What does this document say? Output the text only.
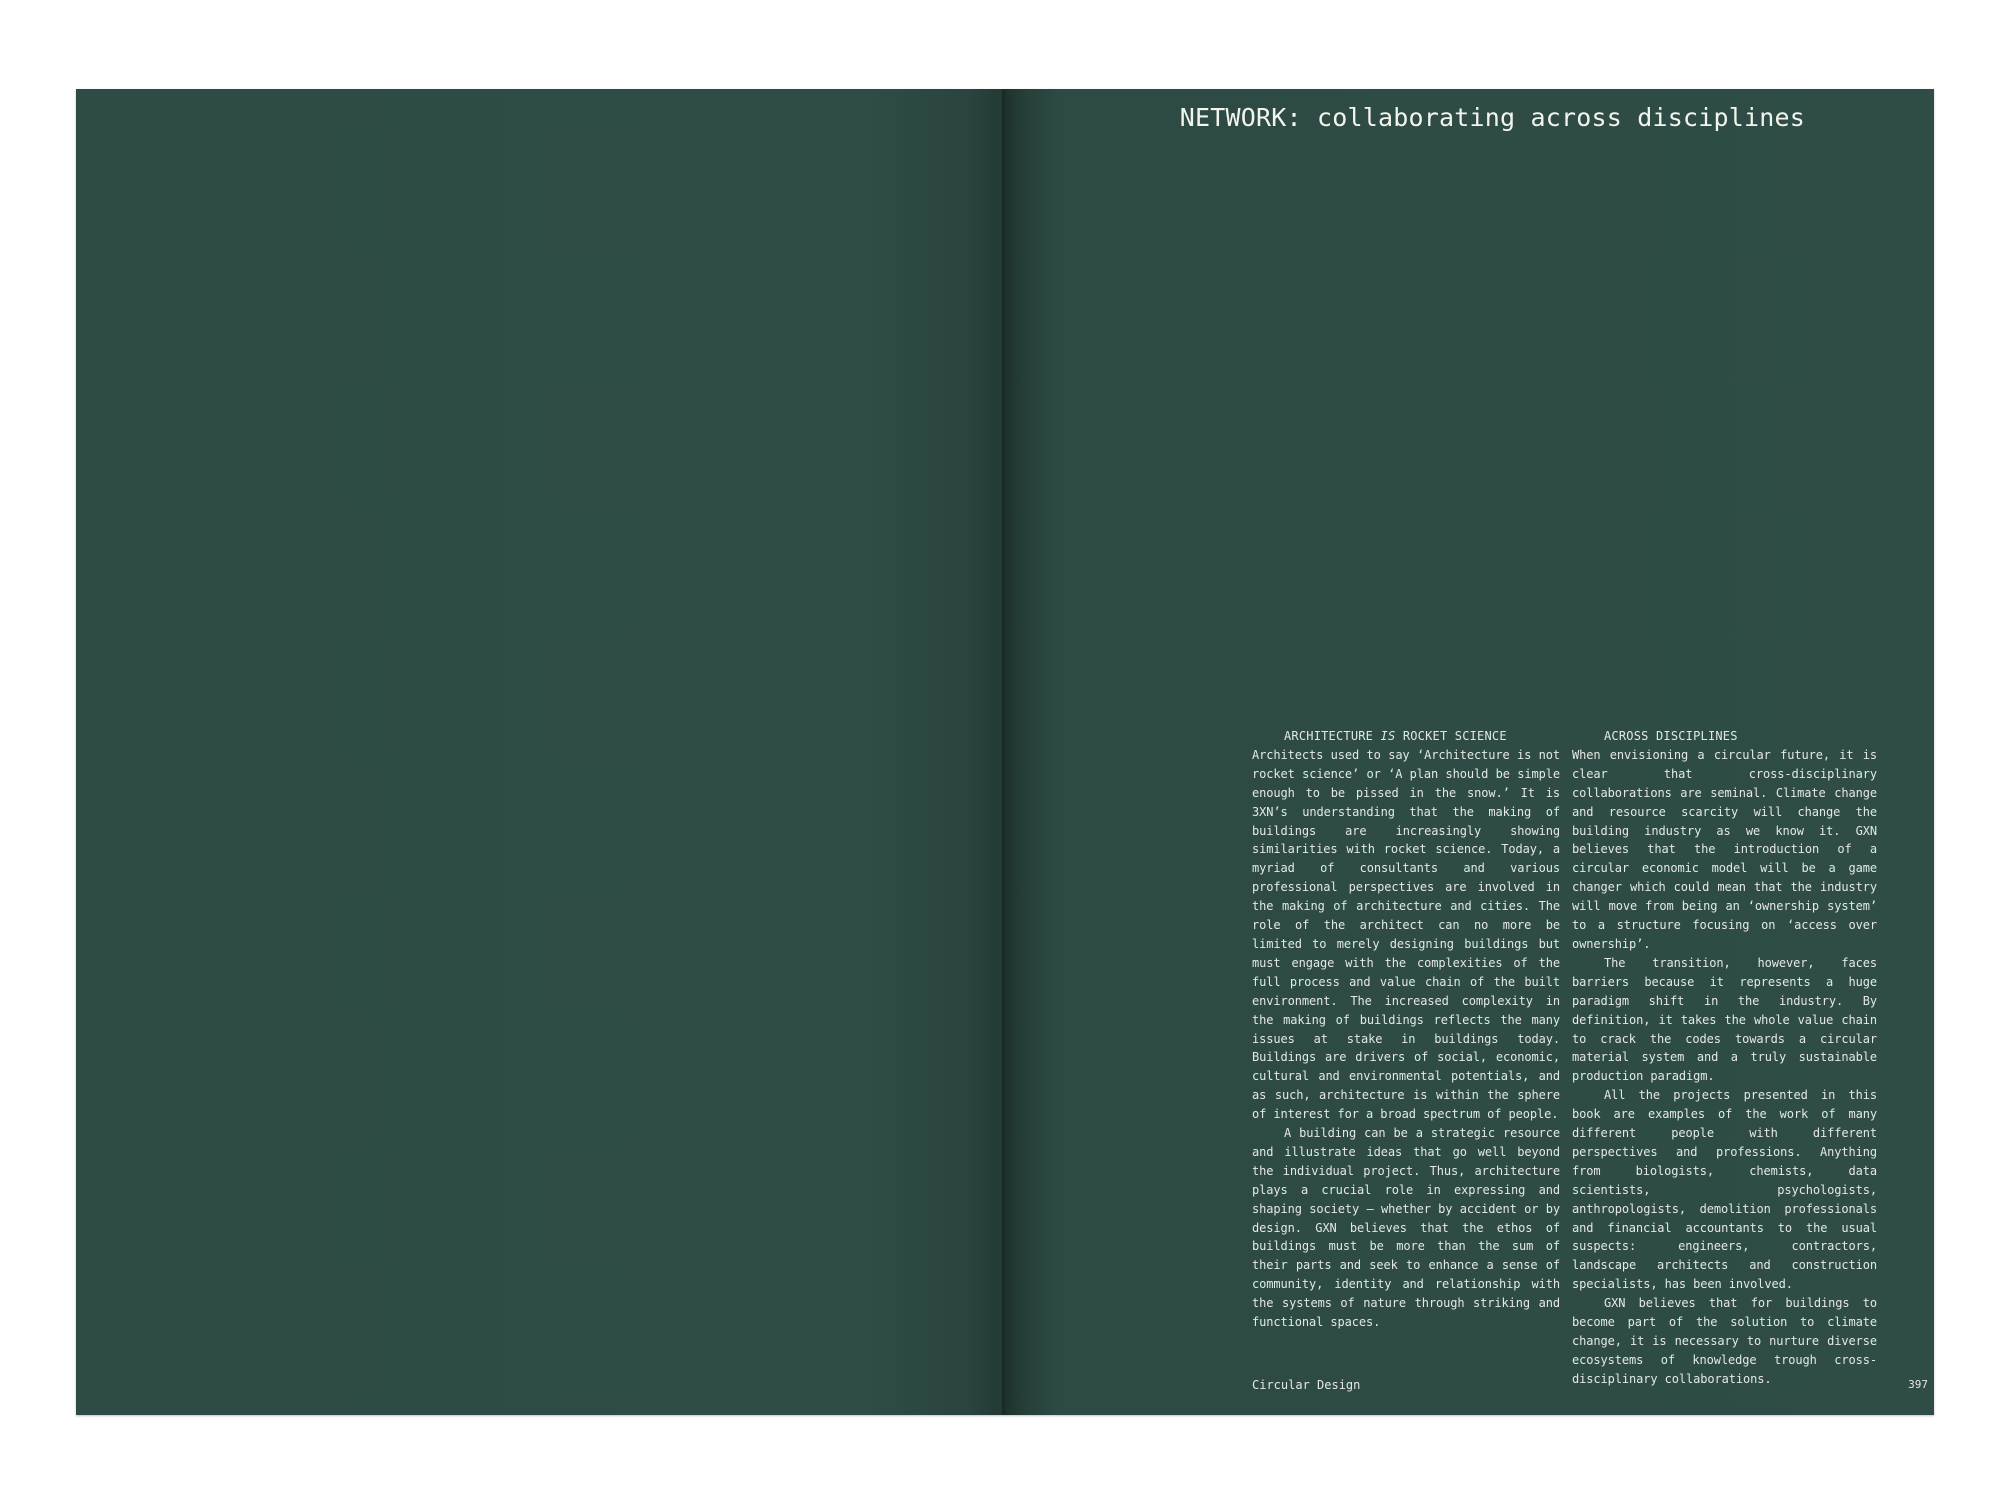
NETWORK: collaborating across disciplines
ARCHITECTURE IS ROCKET SCIENCE

Architects used to say ‘Architecture is not rocket science’ or ‘A plan should be simple enough to be pissed in the snow.’ It is 3XN’s understanding that the making of buildings are increasingly showing similarities with rocket science. Today, a myriad of consultants and various professional perspectives are involved in the making of architecture and cities. The role of the architect can no more be limited to merely designing buildings but must engage with the complexities of the full process and value chain of the built environment. The increased complexity in the making of buildings reflects the many issues at stake in buildings today. Buildings are drivers of social, economic, cultural and environmental potentials, and as such, architecture is within the sphere of interest for a broad spectrum of people.

A building can be a strategic resource and illustrate ideas that go well beyond the individual project. Thus, architecture plays a crucial role in expressing and shaping society – whether by accident or by design. GXN believes that the ethos of buildings must be more than the sum of their parts and seek to enhance a sense of community, identity and relationship with the systems of nature through striking and functional spaces.

ACROSS DISCIPLINES

When envisioning a circular future, it is clear that cross-disciplinary collaborations are seminal. Climate change and resource scarcity will change the building industry as we know it. GXN believes that the introduction of a circular economic model will be a game changer which could mean that the industry will move from being an ‘ownership system’ to a structure focusing on ‘access over ownership’.

The transition, however, faces barriers because it represents a huge paradigm shift in the industry. By definition, it takes the whole value chain to crack the codes towards a circular material system and a truly sustainable production paradigm.

All the projects presented in this book are examples of the work of many different people with different perspectives and professions. Anything from biologists, chemists, data scientists, psychologists, anthropologists, demolition professionals and financial accountants to the usual suspects: engineers, contractors, landscape architects and construction specialists, has been involved.

GXN believes that for buildings to become part of the solution to climate change, it is necessary to nurture diverse ecosystems of knowledge trough cross-disciplinary collaborations.

Circular Design	397
